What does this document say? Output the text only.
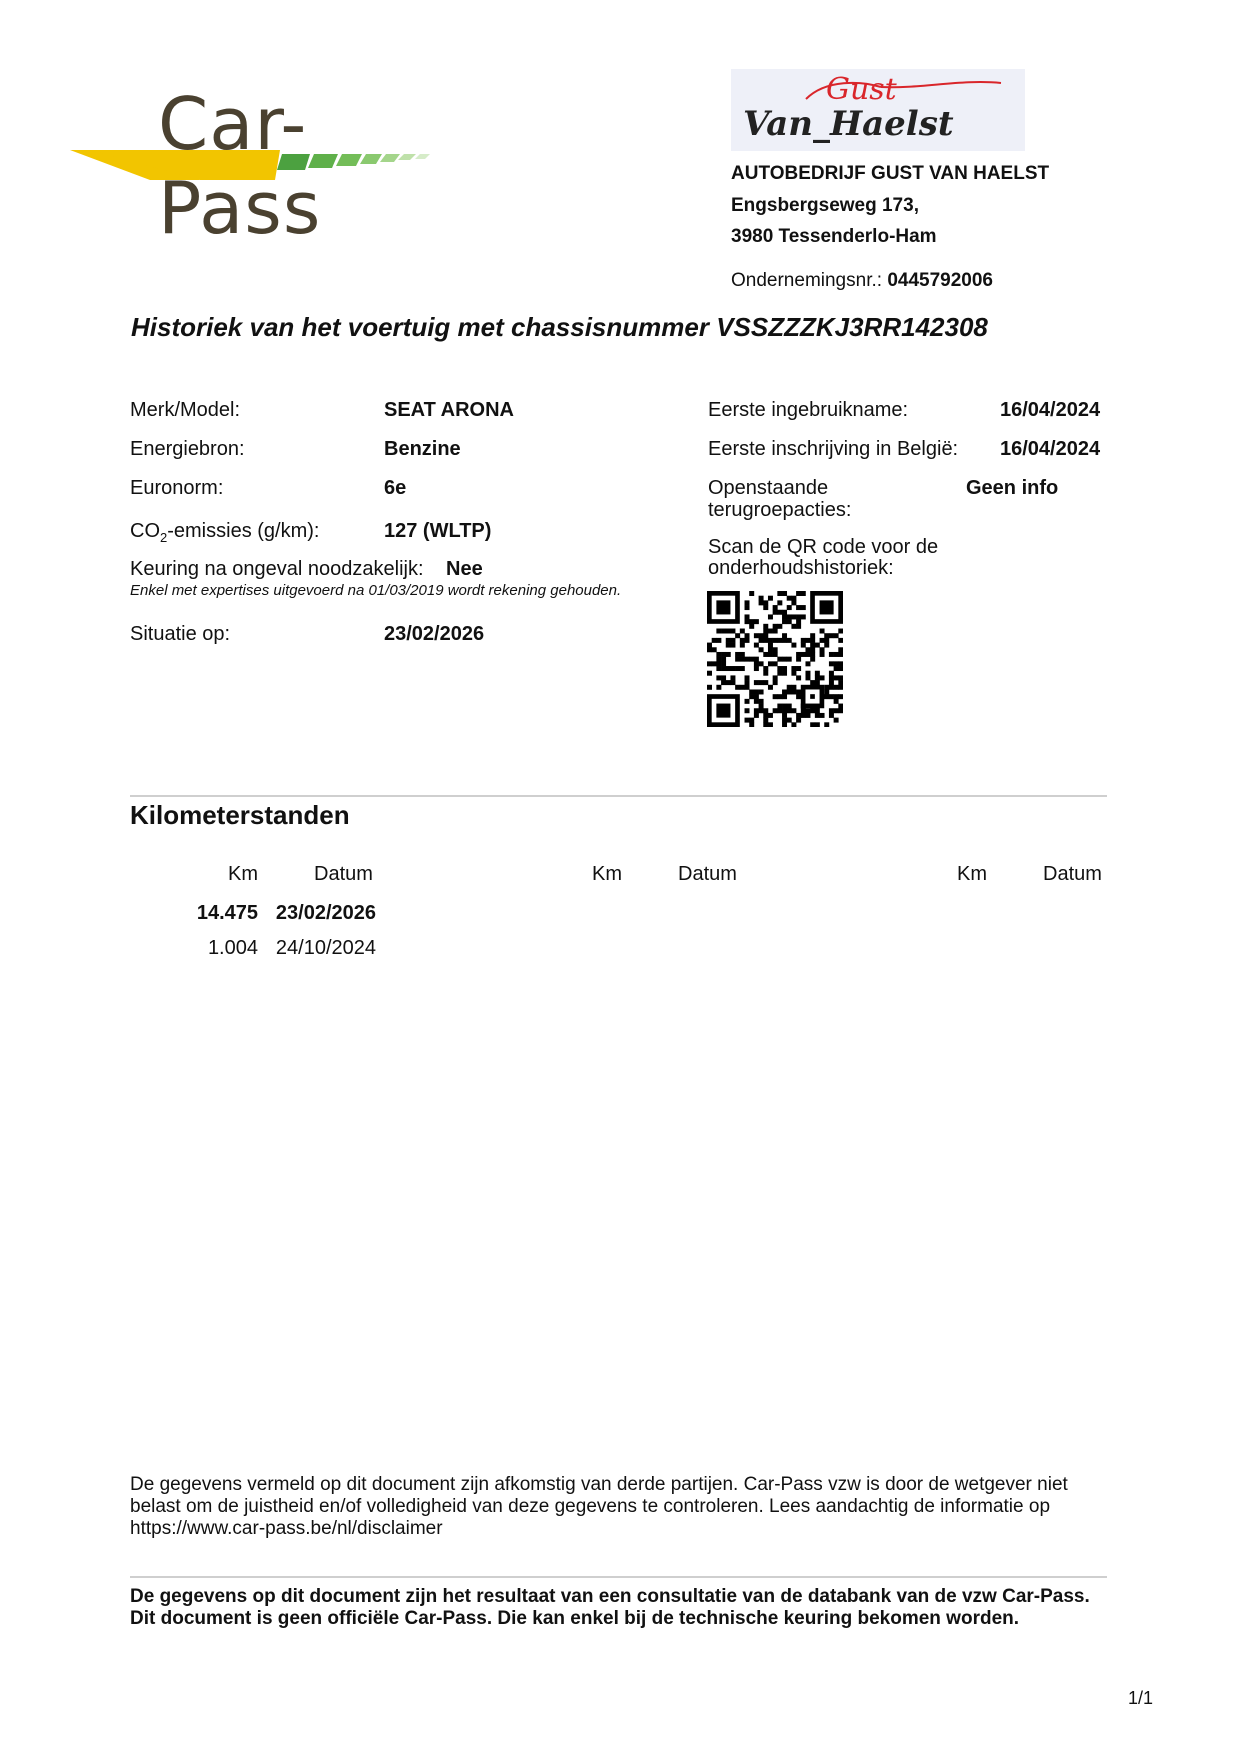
Car-Pass
Gust
Van_Haelst
AUTOBEDRIJF GUST VAN HAELST
Engsbergseweg 173,
3980 Tessenderlo-Ham
Ondernemingsnr.: 0445792006
Historiek van het voertuig met chassisnummer VSSZZZKJ3RR142308
Merk/Model:	SEAT ARONA
Energiebron:	Benzine
Euronorm:	6e
$CO_2$-emissies (g/km):	127 (WLTP)
Keuring na ongeval noodzakelijk: Nee
Enkel met expertises uitgevoerd na 01/03/2019 wordt rekening gehouden.
Situatie op:	23/02/2026
Eerste ingebruikname:	16/04/2024
Eerste inschrijving in België: 16/04/2024
Openstaande
terugroepacties:
Geen info
Scan de QR code voor de
onderhoudshistoriek:
Kilometerstanden
Km	Datum	Km	Datum	Km	Datum
14.475 23/02/2026
1.004 24/10/2024
De gegevens vermeld op dit document zijn afkomstig van derde partijen. Car-Pass vzw is door de wetgever niet
belast om de juistheid en/of volledigheid van deze gegevens te controleren. Lees aandachtig de informatie op
https://www.car-pass.be/nl/disclaimer
De gegevens op dit document zijn het resultaat van een consultatie van de databank van de vzw Car-Pass.
Dit document is geen officiële Car-Pass. Die kan enkel bij de technische keuring bekomen worden.
1/1
